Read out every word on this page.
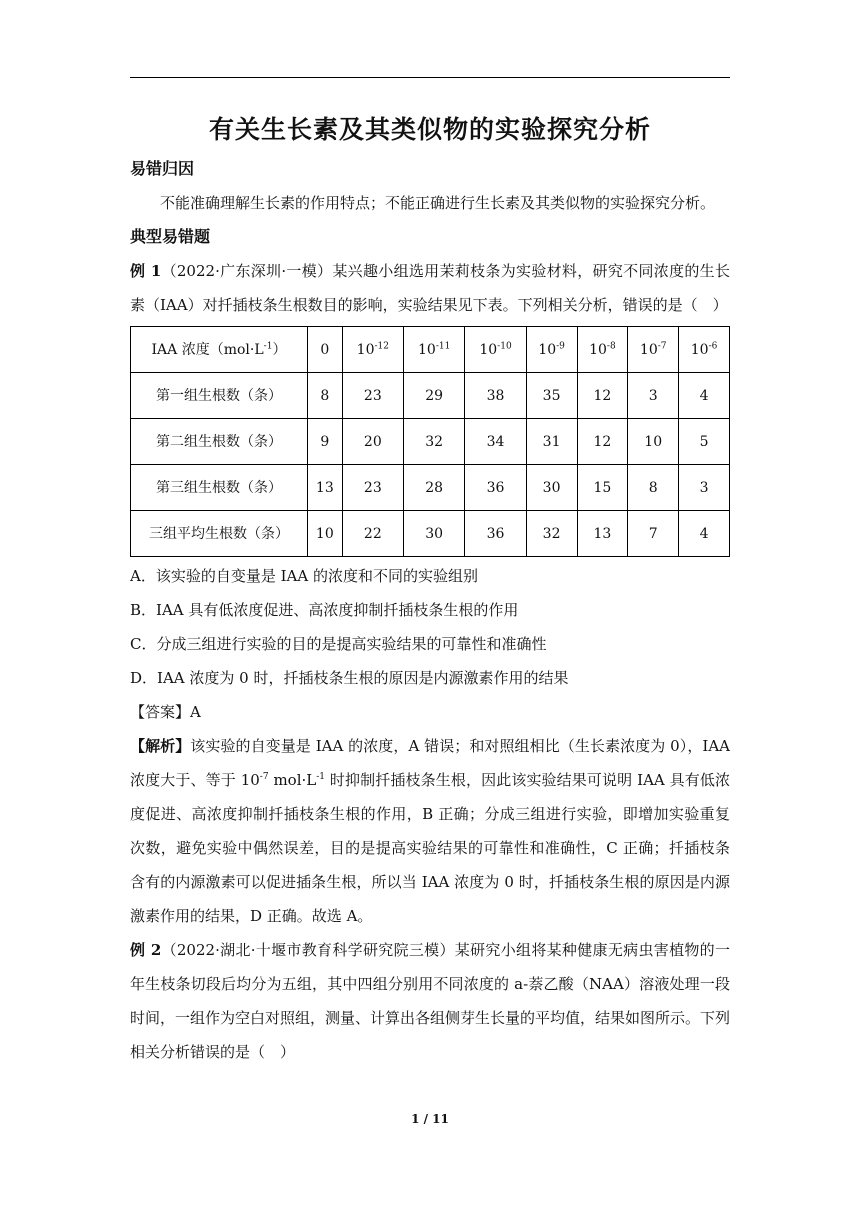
有关生长素及其类似物的实验探究分析
易错归因

不能准确理解生长素的作用特点；不能正确进行生长素及其类似物的实验探究分析。

典型易错题

例 1（2022·广东深圳·一模）某兴趣小组选用茉莉枝条为实验材料，研究不同浓度的生长素（IAA）对扦插枝条生根数目的影响，实验结果见下表。下列相关分析，错误的是（　）

IAA 浓度$(mol\cdot L^{-1})$	0	$10^{-12}$	$10^{-11}$	$10^{-10}$	$10^{-9}$	$10^{-8}$	$10^{-7}$	$10^{-6}$
第一组生根数（条）	8	23	29	38	35	12	3	4
第二组生根数（条）	9	20	32	34	31	12	10	5
第三组生根数（条）	13	23	28	36	30	15	8	3
三组平均生根数（条）	10	22	30	36	32	13	7	4

A．该实验的自变量是 IAA 的浓度和不同的实验组别

B．IAA 具有低浓度促进、高浓度抑制扦插枝条生根的作用

C．分成三组进行实验的目的是提高实验结果的可靠性和准确性

D．IAA 浓度为 0 时，扦插枝条生根的原因是内源激素作用的结果

【答案】A

【解析】该实验的自变量是 IAA 的浓度，A 错误；和对照组相比（生长素浓度为 0），IAA 浓度大于、等于 $10^{-7}$ $mol\cdot L^{-1}$ 时抑制扦插枝条生根，因此该实验结果可说明 IAA 具有低浓度促进、高浓度抑制扦插枝条生根的作用，B 正确；分成三组进行实验，即增加实验重复次数，避免实验中偶然误差，目的是提高实验结果的可靠性和准确性，C 正确；扦插枝条含有的内源激素可以促进插条生根，所以当 IAA 浓度为 0 时，扦插枝条生根的原因是内源激素作用的结果，D 正确。故选 A。

例 2（2022·湖北·十堰市教育科学研究院三模）某研究小组将某种健康无病虫害植物的一年生枝条切段后均分为五组，其中四组分别用不同浓度的 a-萘乙酸（NAA）溶液处理一段时间，一组作为空白对照组，测量、计算出各组侧芽生长量的平均值，结果如图所示。下列相关分析错误的是（　）

1 / 11
